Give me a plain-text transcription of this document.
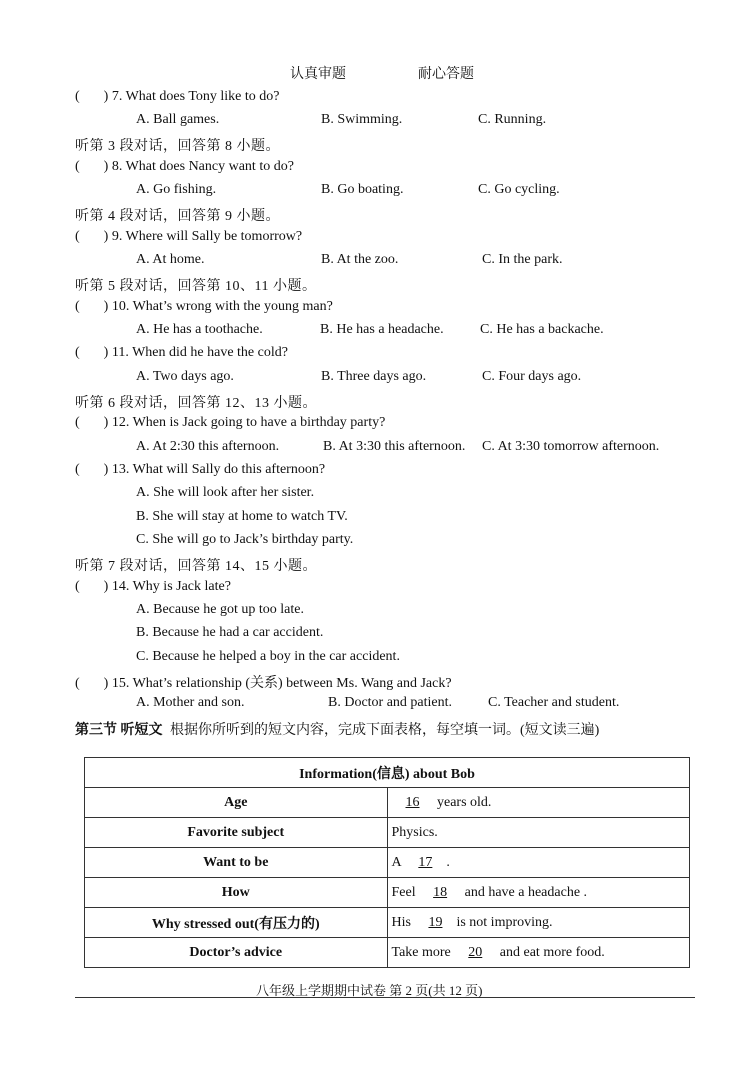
认真审题	耐心答题
( ) 7. What does Tony like to do?
A. Ball games.	B. Swimming.	C. Running.
听第 3 段对话，回答第 8 小题。
( ) 8. What does Nancy want to do?
A. Go fishing.	B. Go boating.	C. Go cycling.
听第 4 段对话，回答第 9 小题。
( ) 9. Where will Sally be tomorrow?
A. At home.	B. At the zoo.	C. In the park.
听第 5 段对话，回答第 10、11 小题。
( ) 10. What’s wrong with the young man?
A. He has a toothache.	B. He has a headache.	C. He has a backache.
( ) 11. When did he have the cold?
A. Two days ago.	B. Three days ago.	C. Four days ago.
听第 6 段对话，回答第 12、13 小题。
( ) 12. When is Jack going to have a birthday party?
A. At 2:30 this afternoon.	B. At 3:30 this afternoon. C. At 3:30 tomorrow afternoon.
( ) 13. What will Sally do this afternoon?
A. She will look after her sister.
B. She will stay at home to watch TV.
C. She will go to Jack’s birthday party.
听第 7 段对话，回答第 14、15 小题。
( ) 14. Why is Jack late?
A. Because he got up too late.
B. Because he had a car accident.
C. Because he helped a boy in the car accident.
( ) 15. What’s relationship (关系) between Ms. Wang and Jack?
A. Mother and son.	B. Doctor and patient.	C. Teacher and student.
第三节 听短文 根据你所听到的短文内容，完成下面表格，每空填一词。(短文读三遍)
Information(信息) about Bob	
Age	16 years old.
Favorite subject	Physics.
Want to be	A 17 .
How	Feel 18 and have a headache .
Why stressed out(有压力的)	His 19 is not improving.
Doctor’s advice	Take more 20 and eat more food.
八年级上学期期中试卷 第 2 页(共 12 页)
